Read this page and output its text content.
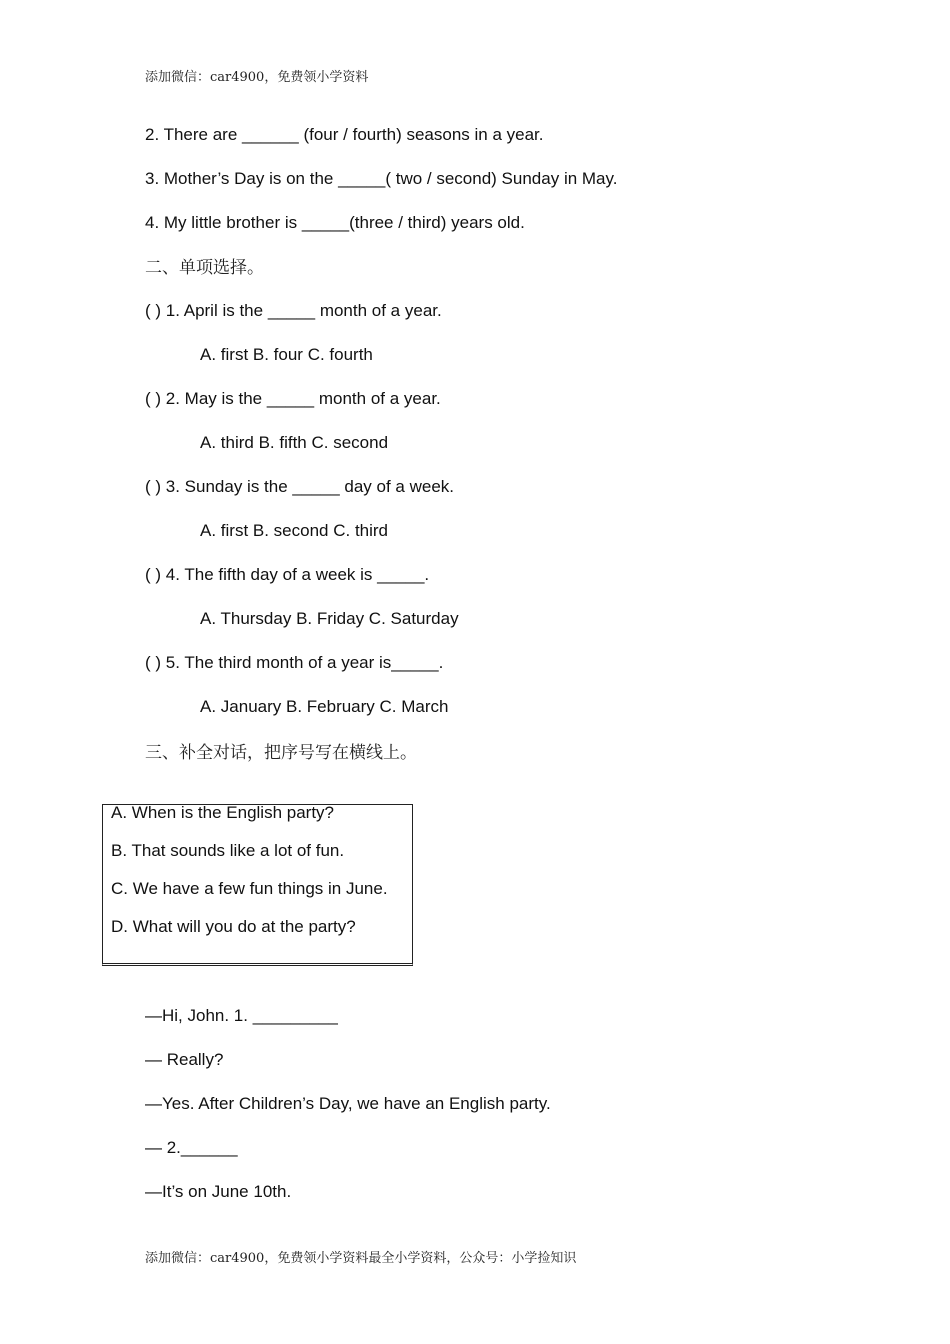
添加微信：car4900，免费领小学资料
2. There are ______ (four / fourth) seasons in a year.
3. Mother’s Day is on the _____( two / second) Sunday in May.
4. My little brother is _____(three / third) years old.
二、单项选择。
( ) 1. April is the _____ month of a year.
A. first B. four C. fourth
( ) 2. May is the _____ month of a year.
A. third B. fifth C. second
( ) 3. Sunday is the _____ day of a week.
A. first B. second C. third
( ) 4. The fifth day of a week is _____.
A. Thursday B. Friday C. Saturday
( ) 5. The third month of a year is_____.
A. January B. February C. March
三、补全对话，把序号写在横线上。
A. When is the English party?
B. That sounds like a lot of fun.
C. We have a few fun things in June.
D. What will you do at the party?
—Hi, John. 1. _________
— Really?
—Yes. After Children’s Day, we have an English party.
— 2.______
—It’s on June 10th.
添加微信：car4900，免费领小学资料最全小学资料，公众号：小学捡知识
